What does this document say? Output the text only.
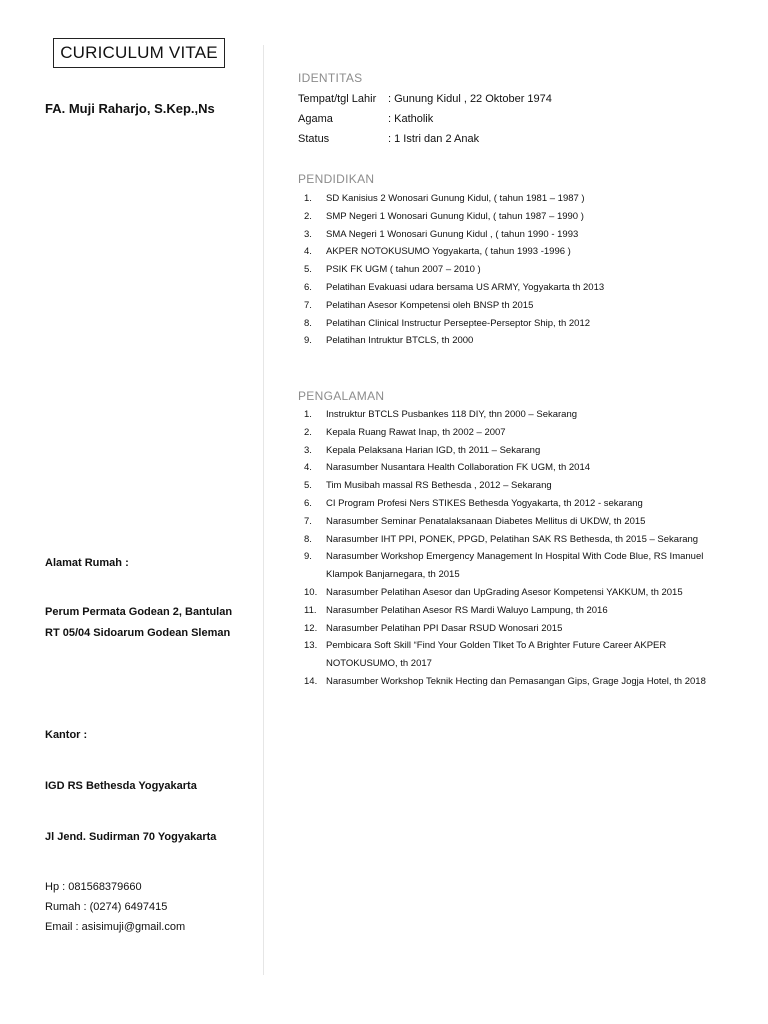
CURICULUM VITAE
FA. Muji Raharjo, S.Kep.,Ns
Alamat Rumah :
Perum Permata Godean 2, Bantulan
RT 05/04 Sidoarum Godean Sleman
Kantor :
IGD RS Bethesda Yogyakarta
Jl Jend. Sudirman 70 Yogyakarta
Hp : 081568379660
Rumah : (0274) 6497415
Email : asisimuji@gmail.com
IDENTITAS
Tempat/tgl Lahir	: Gunung Kidul , 22 Oktober 1974
Agama	: Katholik
Status	: 1 Istri dan 2 Anak
PENDIDIKAN
1. SD Kanisius 2 Wonosari Gunung Kidul, ( tahun 1981 – 1987 )
2. SMP Negeri 1 Wonosari Gunung Kidul, ( tahun 1987 – 1990 )
3. SMA Negeri 1 Wonosari Gunung Kidul , ( tahun 1990 - 1993
4. AKPER NOTOKUSUMO Yogyakarta, ( tahun 1993 -1996 )
5. PSIK FK UGM ( tahun 2007 – 2010 )
6. Pelatihan Evakuasi udara bersama US ARMY, Yogyakarta th 2013
7. Pelatihan Asesor Kompetensi oleh BNSP th 2015
8. Pelatihan Clinical Instructur Perseptee-Perseptor Ship, th 2012
9. Pelatihan Intruktur BTCLS, th 2000
PENGALAMAN
1. Instruktur BTCLS Pusbankes 118 DIY, thn 2000 – Sekarang
2. Kepala Ruang Rawat Inap, th 2002 – 2007
3. Kepala Pelaksana Harian IGD, th 2011 – Sekarang
4. Narasumber Nusantara Health Collaboration FK UGM, th 2014
5. Tim Musibah massal RS Bethesda , 2012 – Sekarang
6. CI Program Profesi Ners STIKES Bethesda Yogyakarta, th 2012 - sekarang
7. Narasumber Seminar Penatalaksanaan Diabetes Mellitus di UKDW, th 2015
8. Narasumber IHT PPI, PONEK, PPGD, Pelatihan SAK RS Bethesda, th 2015 – Sekarang
9. Narasumber Workshop Emergency Management In Hospital With Code Blue, RS Imanuel Klampok Banjarnegara, th 2015
10. Narasumber Pelatihan Asesor dan UpGrading Asesor Kompetensi YAKKUM, th 2015
11. Narasumber Pelatihan Asesor RS Mardi Waluyo Lampung, th 2016
12. Narasumber Pelatihan PPI Dasar RSUD Wonosari 2015
13. Pembicara Soft Skill “Find Your Golden TIket To A Brighter Future Career AKPER NOTOKUSUMO, th 2017
14. Narasumber Workshop Teknik Hecting dan Pemasangan Gips, Grage Jogja Hotel, th 2018
